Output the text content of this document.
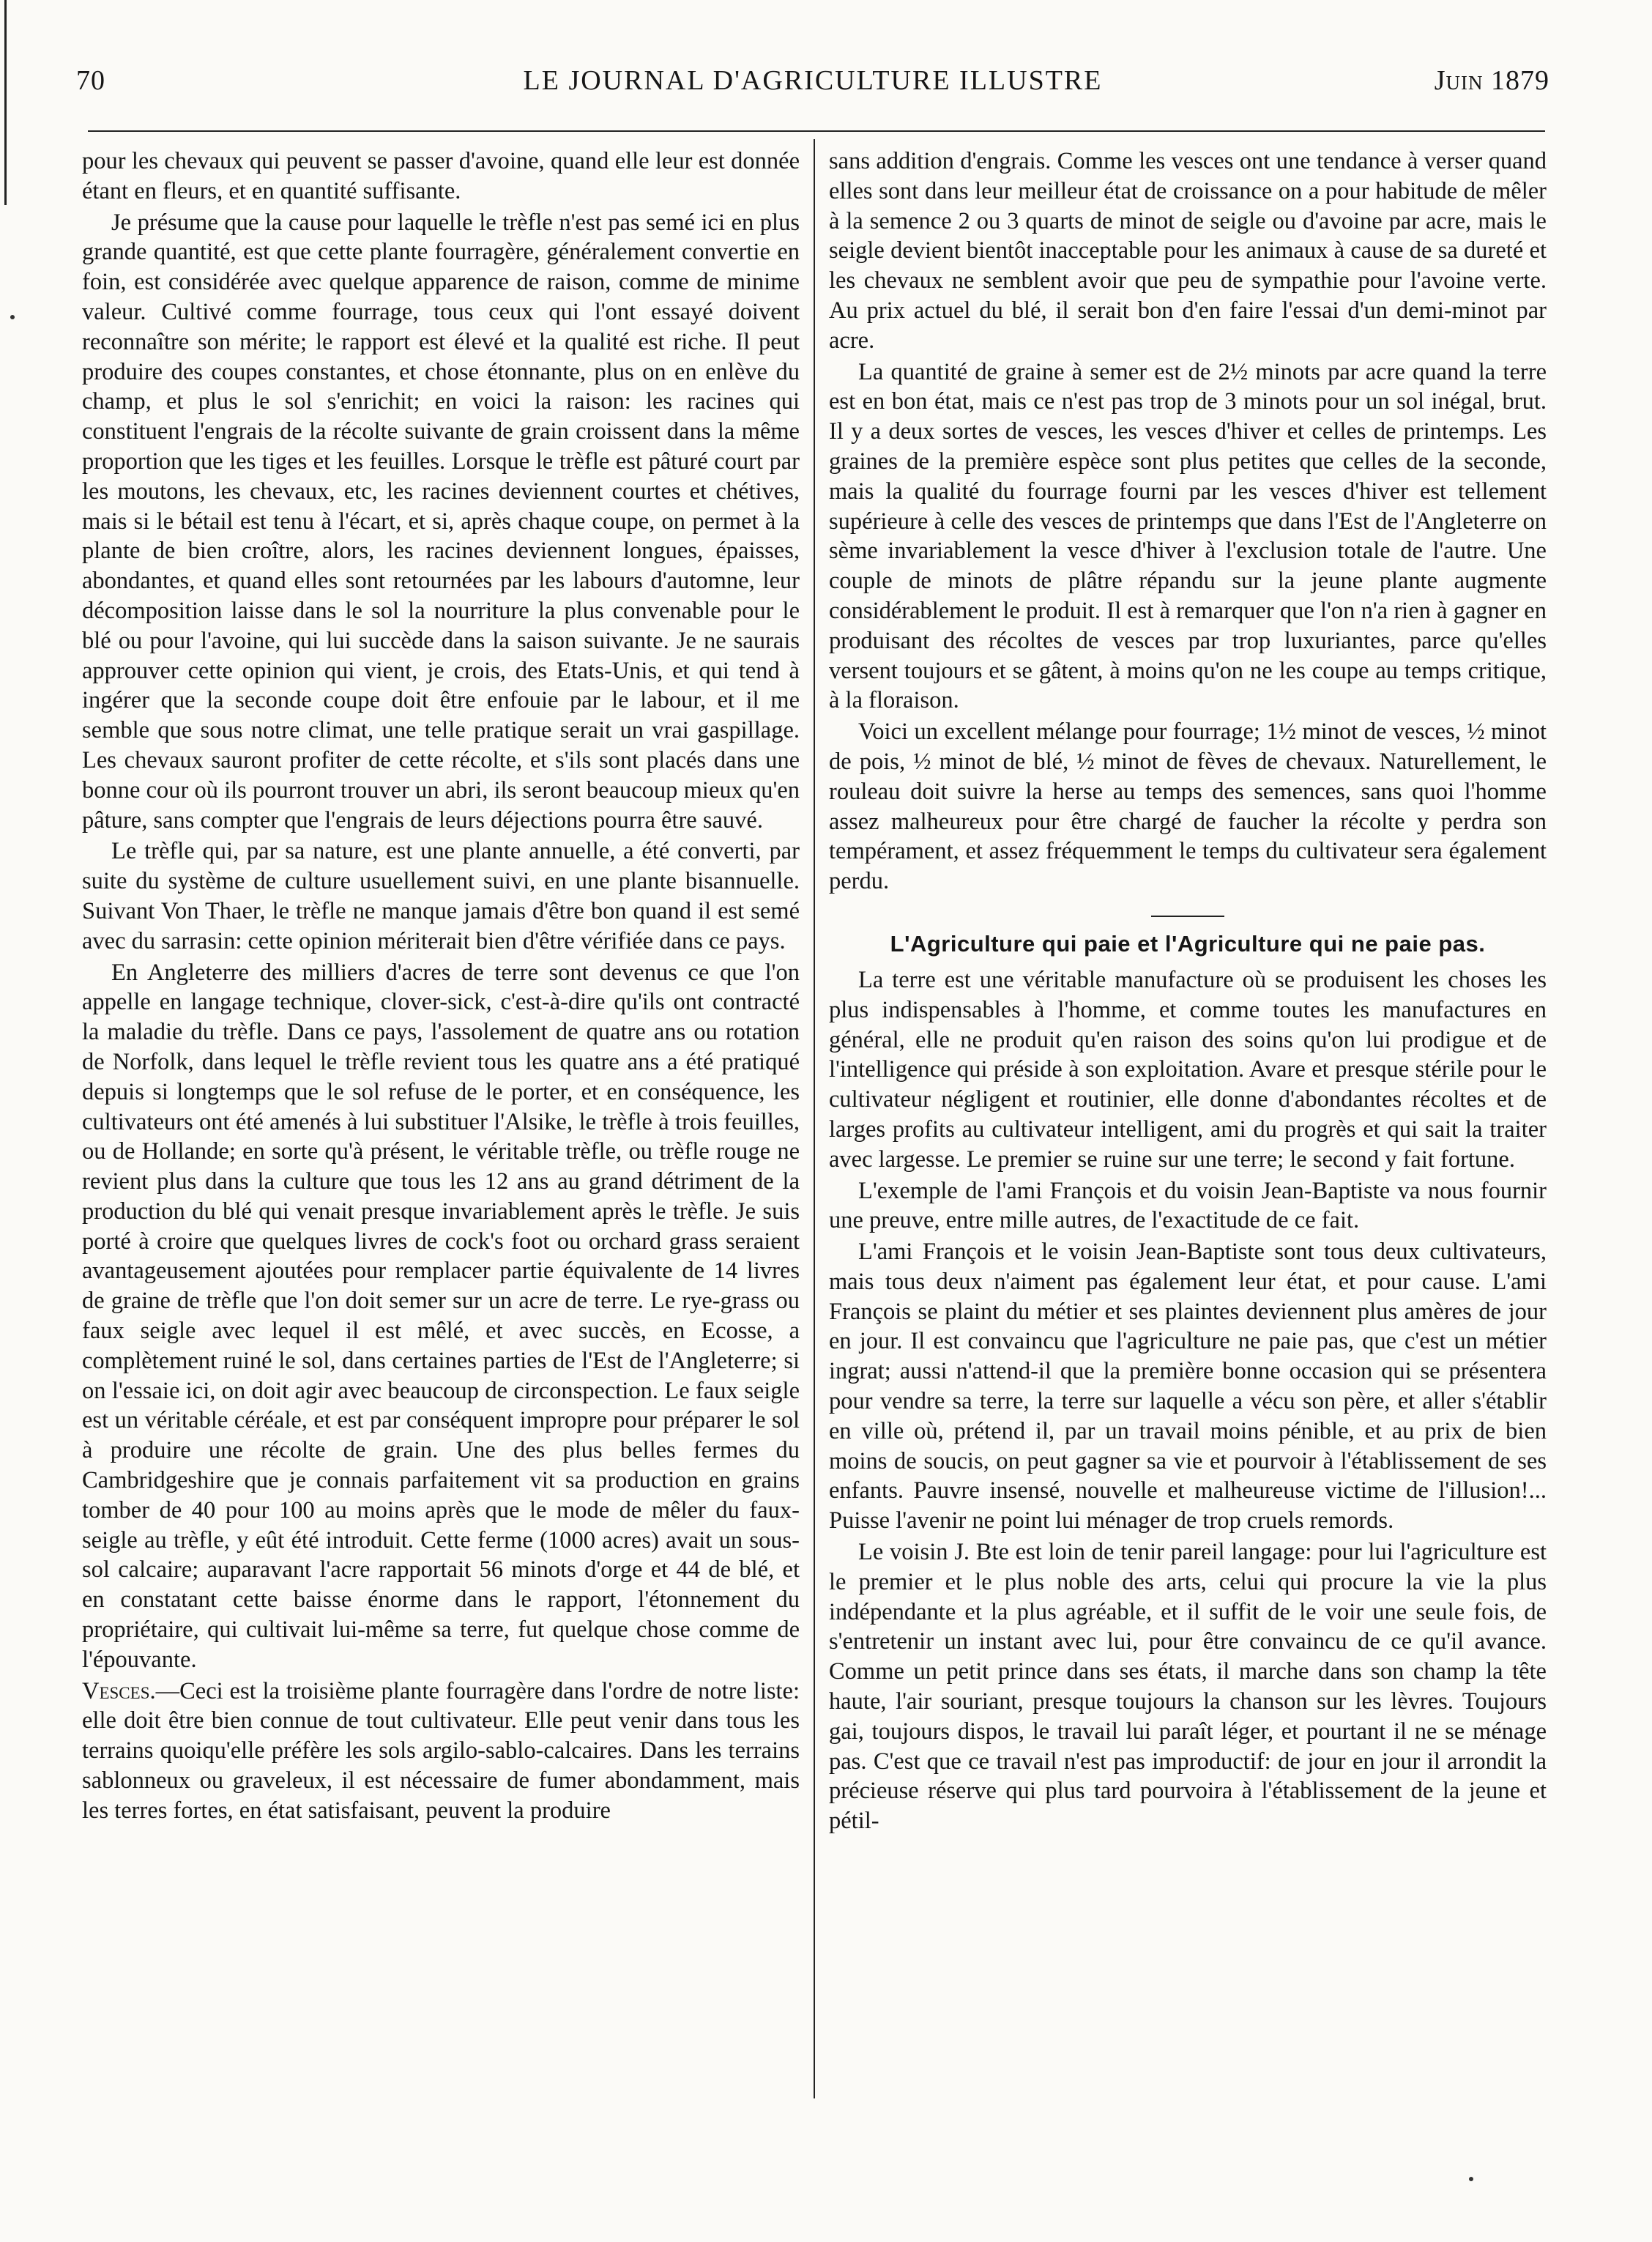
70	LE JOURNAL D'AGRICULTURE ILLUSTRE	Juin 1879

pour les chevaux qui peuvent se passer d'avoine, quand elle leur est donnée étant en fleurs, et en quantité suffisante.

Je présume que la cause pour laquelle le trèfle n'est pas semé ici en plus grande quantité, est que cette plante fourragère, généralement convertie en foin, est considérée avec quelque apparence de raison, comme de minime valeur. Cultivé comme fourrage, tous ceux qui l'ont essayé doivent reconnaître son mérite; le rapport est élevé et la qualité est riche. Il peut produire des coupes constantes, et chose étonnante, plus on en enlève du champ, et plus le sol s'enrichit; en voici la raison: les racines qui constituent l'engrais de la récolte suivante de grain croissent dans la même proportion que les tiges et les feuilles. Lorsque le trèfle est pâturé court par les moutons, les chevaux, etc, les racines deviennent courtes et chétives, mais si le bétail est tenu à l'écart, et si, après chaque coupe, on permet à la plante de bien croître, alors, les racines deviennent longues, épaisses, abondantes, et quand elles sont retournées par les labours d'automne, leur décomposition laisse dans le sol la nourriture la plus convenable pour le blé ou pour l'avoine, qui lui succède dans la saison suivante. Je ne saurais approuver cette opinion qui vient, je crois, des Etats-Unis, et qui tend à ingérer que la seconde coupe doit être enfouie par le labour, et il me semble que sous notre climat, une telle pratique serait un vrai gaspillage. Les chevaux sauront profiter de cette récolte, et s'ils sont placés dans une bonne cour où ils pourront trouver un abri, ils seront beaucoup mieux qu'en pâture, sans compter que l'engrais de leurs déjections pourra être sauvé.

Le trèfle qui, par sa nature, est une plante annuelle, a été converti, par suite du système de culture usuellement suivi, en une plante bisannuelle. Suivant Von Thaer, le trèfle ne manque jamais d'être bon quand il est semé avec du sarrasin: cette opinion mériterait bien d'être vérifiée dans ce pays.

En Angleterre des milliers d'acres de terre sont devenus ce que l'on appelle en langage technique, clover-sick, c'est-à-dire qu'ils ont contracté la maladie du trèfle. Dans ce pays, l'assolement de quatre ans ou rotation de Norfolk, dans lequel le trèfle revient tous les quatre ans a été pratiqué depuis si longtemps que le sol refuse de le porter, et en conséquence, les cultivateurs ont été amenés à lui substituer l'Alsike, le trèfle à trois feuilles, ou de Hollande; en sorte qu'à présent, le véritable trèfle, ou trèfle rouge ne revient plus dans la culture que tous les 12 ans au grand détriment de la production du blé qui venait presque invariablement après le trèfle. Je suis porté à croire que quelques livres de cock's foot ou orchard grass seraient avantageusement ajoutées pour remplacer partie équivalente de 14 livres de graine de trèfle que l'on doit semer sur un acre de terre. Le rye-grass ou faux seigle avec lequel il est mêlé, et avec succès, en Ecosse, a complètement ruiné le sol, dans certaines parties de l'Est de l'Angleterre; si on l'essaie ici, on doit agir avec beaucoup de circonspection. Le faux seigle est un véritable céréale, et est par conséquent impropre pour préparer le sol à produire une récolte de grain. Une des plus belles fermes du Cambridgeshire que je connais parfaitement vit sa production en grains tomber de 40 pour 100 au moins après que le mode de mêler du faux-seigle au trèfle, y eût été introduit. Cette ferme (1000 acres) avait un sous-sol calcaire; auparavant l'acre rapportait 56 minots d'orge et 44 de blé, et en constatant cette baisse énorme dans le rapport, l'étonnement du propriétaire, qui cultivait lui-même sa terre, fut quelque chose comme de l'épouvante.

Vesces.—Ceci est la troisième plante fourragère dans l'ordre de notre liste: elle doit être bien connue de tout cultivateur. Elle peut venir dans tous les terrains quoiqu'elle préfère les sols argilo-sablo-calcaires. Dans les terrains sablonneux ou graveleux, il est nécessaire de fumer abondamment, mais les terres fortes, en état satisfaisant, peuvent la produire

sans addition d'engrais. Comme les vesces ont une tendance à verser quand elles sont dans leur meilleur état de croissance on a pour habitude de mêler à la semence 2 ou 3 quarts de minot de seigle ou d'avoine par acre, mais le seigle devient bientôt inacceptable pour les animaux à cause de sa dureté et les chevaux ne semblent avoir que peu de sympathie pour l'avoine verte. Au prix actuel du blé, il serait bon d'en faire l'essai d'un demi-minot par acre.

La quantité de graine à semer est de 2½ minots par acre quand la terre est en bon état, mais ce n'est pas trop de 3 minots pour un sol inégal, brut. Il y a deux sortes de vesces, les vesces d'hiver et celles de printemps. Les graines de la première espèce sont plus petites que celles de la seconde, mais la qualité du fourrage fourni par les vesces d'hiver est tellement supérieure à celle des vesces de printemps que dans l'Est de l'Angleterre on sème invariablement la vesce d'hiver à l'exclusion totale de l'autre. Une couple de minots de plâtre répandu sur la jeune plante augmente considérablement le produit. Il est à remarquer que l'on n'a rien à gagner en produisant des récoltes de vesces par trop luxuriantes, parce qu'elles versent toujours et se gâtent, à moins qu'on ne les coupe au temps critique, à la floraison.

Voici un excellent mélange pour fourrage; 1½ minot de vesces, ½ minot de pois, ½ minot de blé, ½ minot de fèves de chevaux. Naturellement, le rouleau doit suivre la herse au temps des semences, sans quoi l'homme assez malheureux pour être chargé de faucher la récolte y perdra son tempérament, et assez fréquemment le temps du cultivateur sera également perdu.

L'Agriculture qui paie et l'Agriculture qui ne paie pas.

La terre est une véritable manufacture où se produisent les choses les plus indispensables à l'homme, et comme toutes les manufactures en général, elle ne produit qu'en raison des soins qu'on lui prodigue et de l'intelligence qui préside à son exploitation. Avare et presque stérile pour le cultivateur négligent et routinier, elle donne d'abondantes récoltes et de larges profits au cultivateur intelligent, ami du progrès et qui sait la traiter avec largesse. Le premier se ruine sur une terre; le second y fait fortune.

L'exemple de l'ami François et du voisin Jean-Baptiste va nous fournir une preuve, entre mille autres, de l'exactitude de ce fait.

L'ami François et le voisin Jean-Baptiste sont tous deux cultivateurs, mais tous deux n'aiment pas également leur état, et pour cause. L'ami François se plaint du métier et ses plaintes deviennent plus amères de jour en jour. Il est convaincu que l'agriculture ne paie pas, que c'est un métier ingrat; aussi n'attend-il que la première bonne occasion qui se présentera pour vendre sa terre, la terre sur laquelle a vécu son père, et aller s'établir en ville où, prétend il, par un travail moins pénible, et au prix de bien moins de soucis, on peut gagner sa vie et pourvoir à l'établissement de ses enfants. Pauvre insensé, nouvelle et malheureuse victime de l'illusion!... Puisse l'avenir ne point lui ménager de trop cruels remords.

Le voisin J. Bte est loin de tenir pareil langage: pour lui l'agriculture est le premier et le plus noble des arts, celui qui procure la vie la plus indépendante et la plus agréable, et il suffit de le voir une seule fois, de s'entretenir un instant avec lui, pour être convaincu de ce qu'il avance. Comme un petit prince dans ses états, il marche dans son champ la tête haute, l'air souriant, presque toujours la chanson sur les lèvres. Toujours gai, toujours dispos, le travail lui paraît léger, et pourtant il ne se ménage pas. C'est que ce travail n'est pas improductif: de jour en jour il arrondit la précieuse réserve qui plus tard pourvoira à l'établissement de la jeune et pétil-
